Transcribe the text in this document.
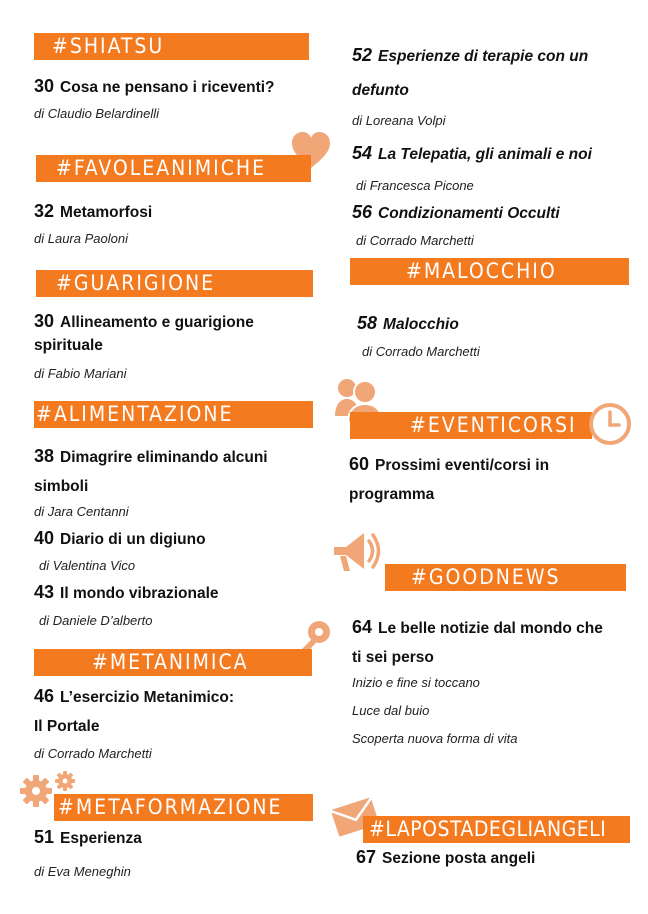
#SHIATSU
30 Cosa ne pensano i riceventi?
di Claudio Belardinelli
#FAVOLEANIMICHE
32 Metamorfosi
di Laura Paoloni
#GUARIGIONE
30 Allineamento e guarigione
spirituale
di Fabio Mariani
#ALIMENTAZIONE
38 Dimagrire eliminando alcuni
simboli
di Jara Centanni
40 Diario di un digiuno
di Valentina Vico
43 Il mondo vibrazionale
di Daniele D’alberto
#METANIMICA
46 L’esercizio Metanimico:
Il Portale
di Corrado Marchetti
#METAFORMAZIONE
51 Esperienza
di Eva Meneghin
52 Esperienze di terapie con un
defunto
di Loreana Volpi
54 La Telepatia, gli animali e noi
di Francesca Picone
56 Condizionamenti Occulti
di Corrado Marchetti
#MALOCCHIO
58 Malocchio
di Corrado Marchetti
#EVENTICORSI
60 Prossimi eventi/corsi in
programma
#GOODNEWS
64 Le belle notizie dal mondo che
ti sei perso
Inizio e fine si toccano
Luce dal buio
Scoperta nuova forma di vita
#LAPOSTADEGLIANGELI
67 Sezione posta angeli
